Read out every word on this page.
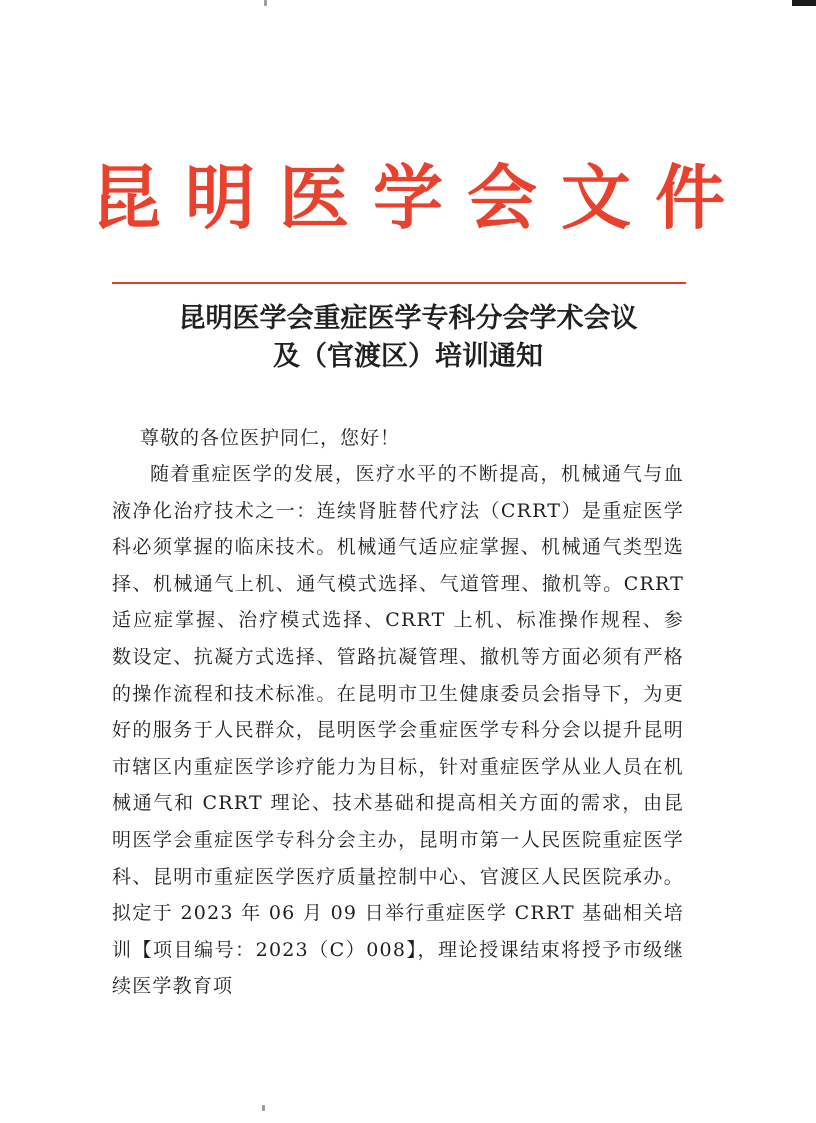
昆明医学会文件
昆明医学会重症医学专科分会学术会议
及（官渡区）培训通知
尊敬的各位医护同仁，您好！

随着重症医学的发展，医疗水平的不断提高，机械通气与血液净化治疗技术之一：连续肾脏替代疗法（CRRT）是重症医学科必须掌握的临床技术。机械通气适应症掌握、机械通气类型选择、机械通气上机、通气模式选择、气道管理、撤机等。CRRT 适应症掌握、治疗模式选择、CRRT 上机、标准操作规程、参数设定、抗凝方式选择、管路抗凝管理、撤机等方面必须有严格的操作流程和技术标准。在昆明市卫生健康委员会指导下，为更好的服务于人民群众，昆明医学会重症医学专科分会以提升昆明市辖区内重症医学诊疗能力为目标，针对重症医学从业人员在机械通气和 CRRT 理论、技术基础和提高相关方面的需求，由昆明医学会重症医学专科分会主办，昆明市第一人民医院重症医学科、昆明市重症医学医疗质量控制中心、官渡区人民医院承办。拟定于 2023 年 06 月 09 日举行重症医学 CRRT 基础相关培训【项目编号：2023（C）008】，理论授课结束将授予市级继续医学教育项
